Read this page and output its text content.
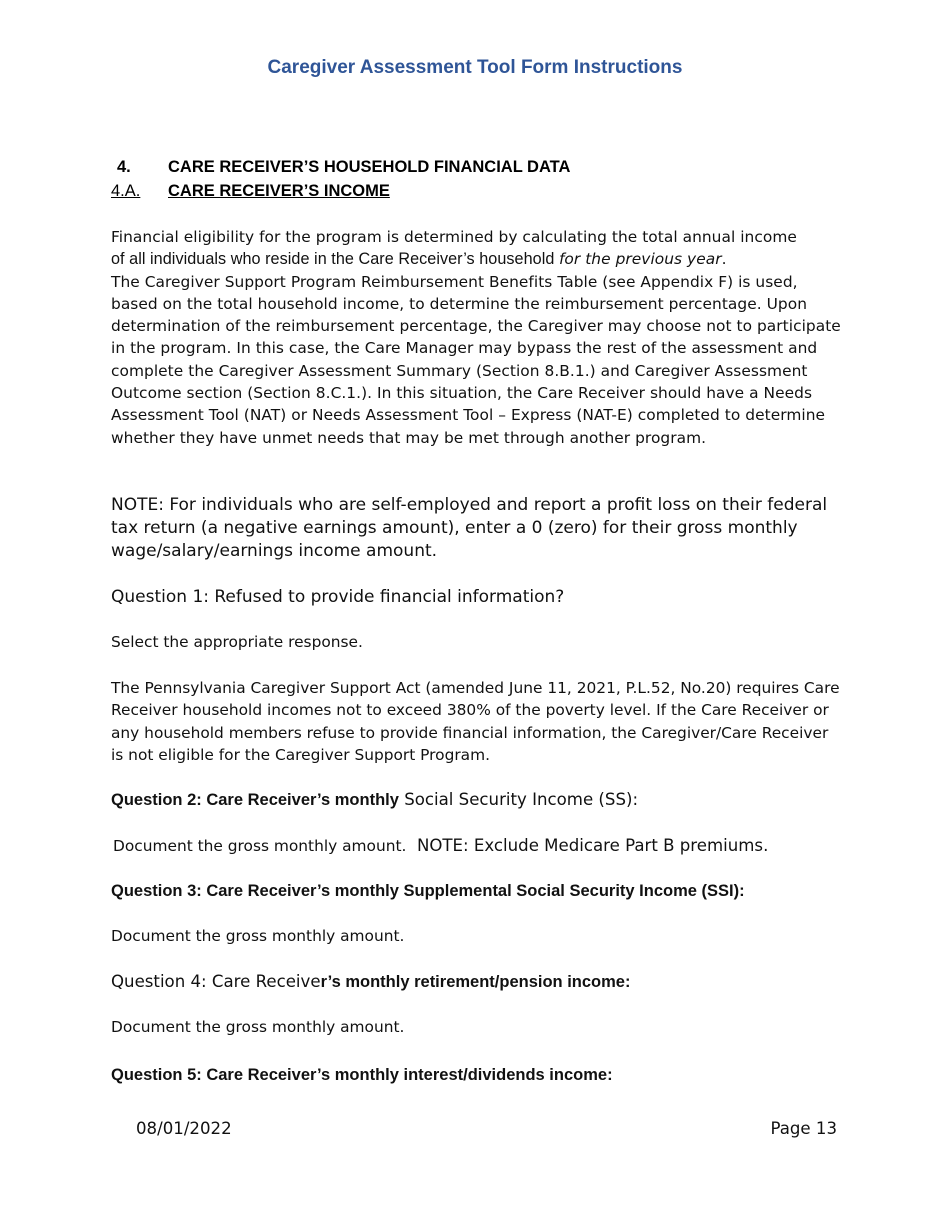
Caregiver Assessment Tool Form Instructions
4. CARE RECEIVER’S HOUSEHOLD FINANCIAL DATA
4.A. CARE RECEIVER’S INCOME
Financial eligibility for the program is determined by calculating the total annual income
of all individuals who reside in the Care Receiver’s household for the previous year.
The Caregiver Support Program Reimbursement Benefits Table (see Appendix F) is used, based on the total household income, to determine the reimbursement percentage. Upon determination of the reimbursement percentage, the Caregiver may choose not to participate in the program. In this case, the Care Manager may bypass the rest of the assessment and complete the Caregiver Assessment Summary (Section 8.B.1.) and Caregiver Assessment Outcome section (Section 8.C.1.). In this situation, the Care Receiver should have a Needs Assessment Tool (NAT) or Needs Assessment Tool – Express (NAT-E) completed to determine whether they have unmet needs that may be met through another program.
NOTE: For individuals who are self-employed and report a profit loss on their federal tax return (a negative earnings amount), enter a 0 (zero) for their gross monthly wage/salary/earnings income amount.
Question 1: Refused to provide financial information?
Select the appropriate response.
The Pennsylvania Caregiver Support Act (amended June 11, 2021, P.L.52, No.20) requires Care Receiver household incomes not to exceed 380% of the poverty level. If the Care Receiver or any household members refuse to provide financial information, the Caregiver/Care Receiver is not eligible for the Caregiver Support Program.
Question 2: Care Receiver’s monthly Social Security Income (SS):
Document the gross monthly amount.  NOTE: Exclude Medicare Part B premiums.
Question 3: Care Receiver’s monthly Supplemental Social Security Income (SSI):
Document the gross monthly amount.
Question 4: Care Receiver’s monthly retirement/pension income:
Document the gross monthly amount.
Question 5: Care Receiver’s monthly interest/dividends income:
08/01/2022	Page 13
